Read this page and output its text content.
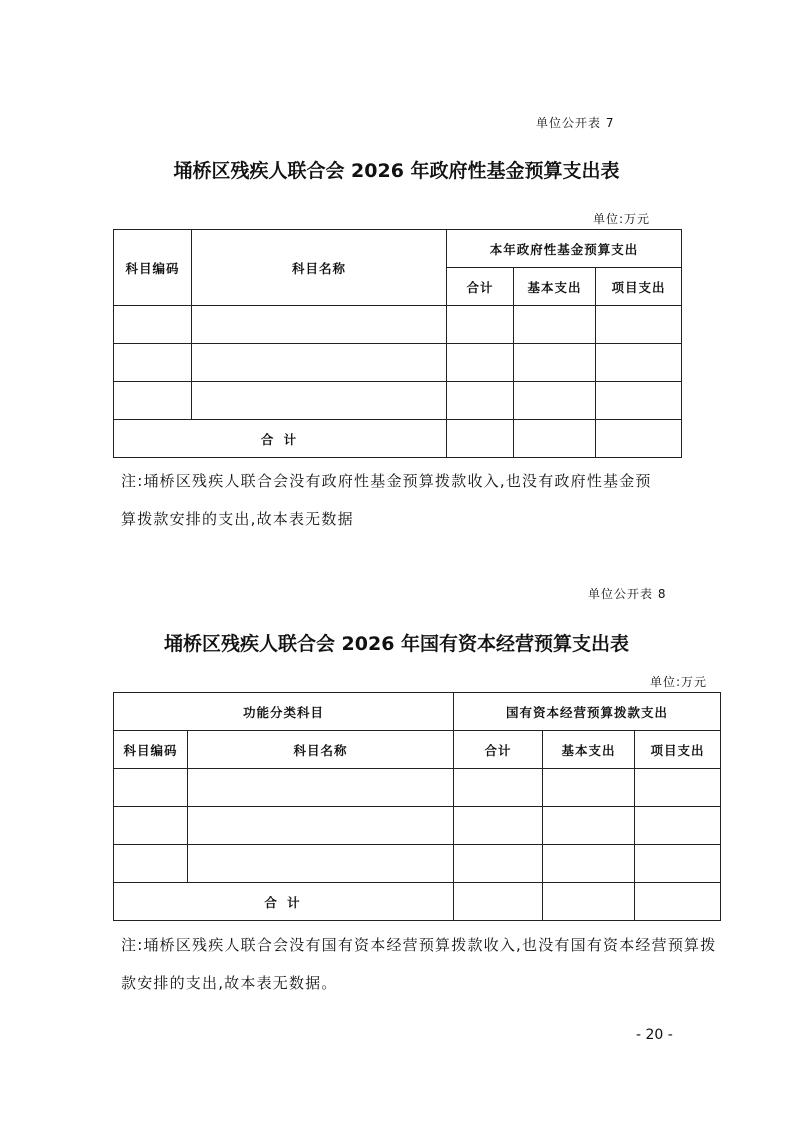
单位公开表 7
埇桥区残疾人联合会 2026 年政府性基金预算支出表
单位:万元
科目编码	科目名称	本年政府性基金预算支出		
		合计	基本支出	项目支出

合 计				
注:埇桥区残疾人联合会没有政府性基金预算拨款收入,也没有政府性基金预算拨款安排的支出,故本表无数据
单位公开表 8
埇桥区残疾人联合会 2026 年国有资本经营预算支出表
单位:万元
功能分类科目		国有资本经营预算拨款支出		
科目编码	科目名称	合计	基本支出	项目支出

合 计				
注:埇桥区残疾人联合会没有国有资本经营预算拨款收入,也没有国有资本经营预算拨款安排的支出,故本表无数据。
- 20 -
